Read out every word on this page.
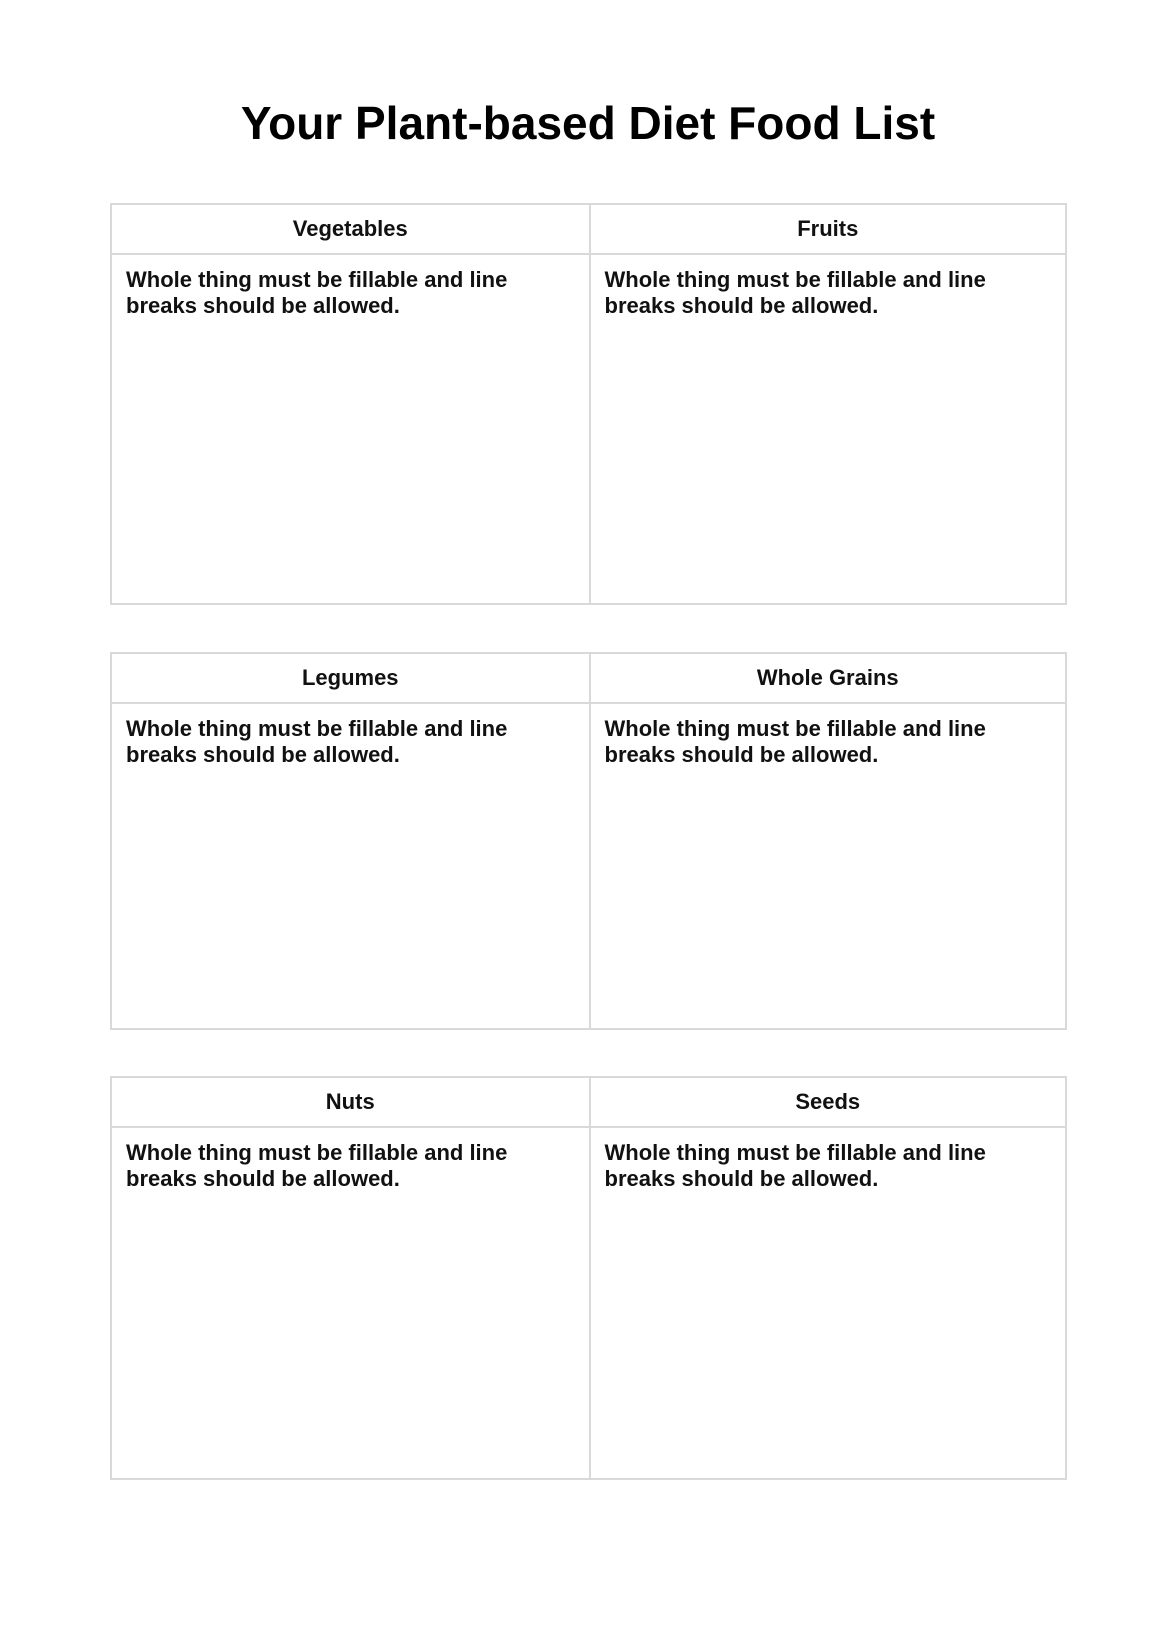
Your Plant-based Diet Food List
Vegetables
Whole thing must be fillable and line breaks should be allowed.
Fruits
Whole thing must be fillable and line breaks should be allowed.
Legumes
Whole thing must be fillable and line breaks should be allowed.
Whole Grains
Whole thing must be fillable and line breaks should be allowed.
Nuts
Whole thing must be fillable and line breaks should be allowed.
Seeds
Whole thing must be fillable and line breaks should be allowed.
